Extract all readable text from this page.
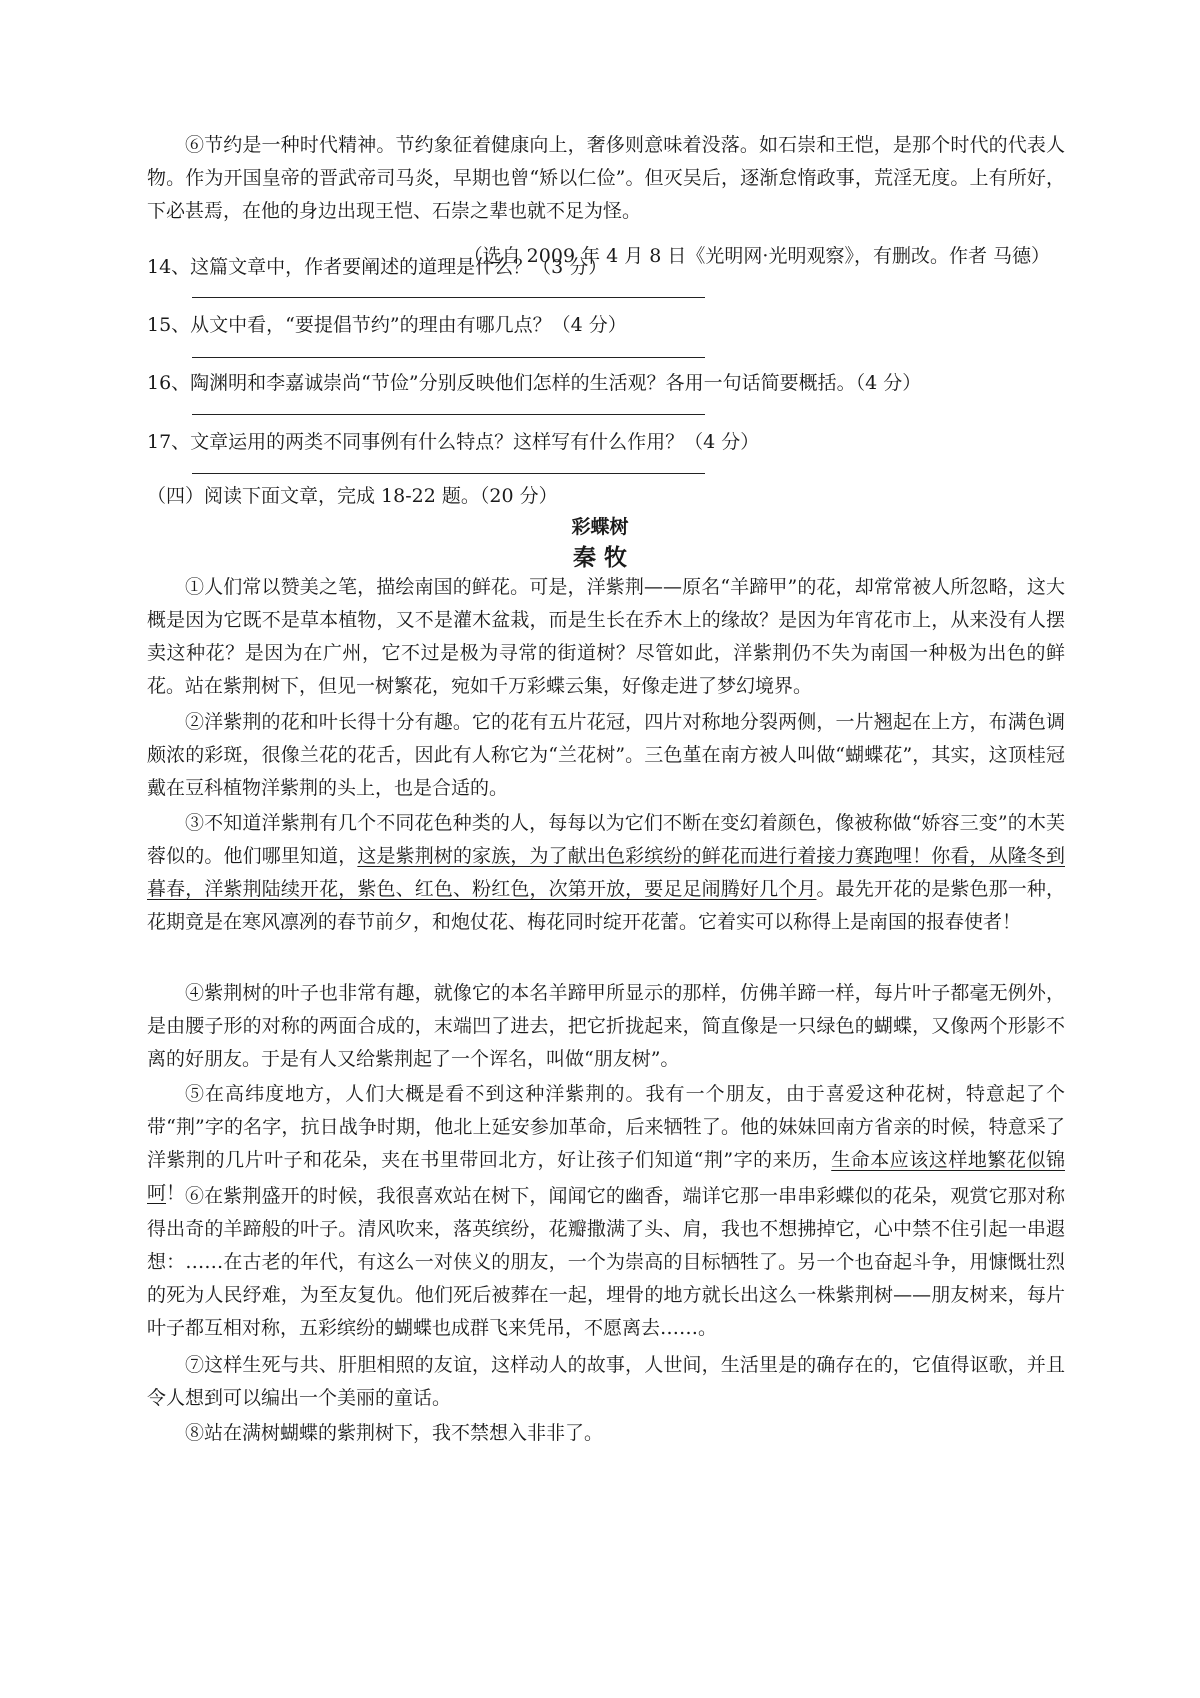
⑥节约是一种时代精神。节约象征着健康向上，奢侈则意味着没落。如石崇和王恺，是那个时代的代表人物。作为开国皇帝的晋武帝司马炎，早期也曾“矫以仁俭”。但灭吴后，逐渐怠惰政事，荒淫无度。上有所好，下必甚焉，在他的身边出现王恺、石崇之辈也就不足为怪。

（选自 2009 年 4 月 8 日《光明网·光明观察》，有删改。作者 马德）

14、这篇文章中，作者要阐述的道理是什么？（3 分）

15、从文中看，“要提倡节约”的理由有哪几点？（4 分）

16、陶渊明和李嘉诚崇尚“节俭”分别反映他们怎样的生活观？各用一句话简要概括。（4 分）

17、文章运用的两类不同事例有什么特点？这样写有什么作用？（4 分）

（四）阅读下面文章，完成 18-22 题。（20 分）

彩蝶树

秦 牧

①人们常以赞美之笔，描绘南国的鲜花。可是，洋紫荆——原名“羊蹄甲”的花，却常常被人所忽略，这大概是因为它既不是草本植物，又不是灌木盆栽，而是生长在乔木上的缘故？是因为年宵花市上，从来没有人摆卖这种花？是因为在广州，它不过是极为寻常的街道树？尽管如此，洋紫荆仍不失为南国一种极为出色的鲜花。站在紫荆树下，但见一树繁花，宛如千万彩蝶云集，好像走进了梦幻境界。

②洋紫荆的花和叶长得十分有趣。它的花有五片花冠，四片对称地分裂两侧，一片翘起在上方，布满色调颇浓的彩斑，很像兰花的花舌，因此有人称它为“兰花树”。三色堇在南方被人叫做“蝴蝶花”，其实，这顶桂冠戴在豆科植物洋紫荆的头上，也是合适的。

③不知道洋紫荆有几个不同花色种类的人，每每以为它们不断在变幻着颜色，像被称做“娇容三变”的木芙蓉似的。他们哪里知道，这是紫荆树的家族，为了献出色彩缤纷的鲜花而进行着接力赛跑哩！你看，从隆冬到暮春，洋紫荆陆续开花，紫色、红色、粉红色，次第开放，要足足闹腾好几个月。最先开花的是紫色那一种，花期竟是在寒风凛冽的春节前夕，和炮仗花、梅花同时绽开花蕾。它着实可以称得上是南国的报春使者！

④紫荆树的叶子也非常有趣，就像它的本名羊蹄甲所显示的那样，仿佛羊蹄一样，每片叶子都毫无例外，是由腰子形的对称的两面合成的，末端凹了进去，把它折拢起来，简直像是一只绿色的蝴蝶，又像两个形影不离的好朋友。于是有人又给紫荆起了一个诨名，叫做“朋友树”。

⑤在高纬度地方，人们大概是看不到这种洋紫荆的。我有一个朋友，由于喜爱这种花树，特意起了个带“荆”字的名字，抗日战争时期，他北上延安参加革命，后来牺牲了。他的妹妹回南方省亲的时候，特意采了洋紫荆的几片叶子和花朵，夹在书里带回北方，好让孩子们知道“荆”字的来历，生命本应该这样地繁花似锦呵！ ⑥在紫荆盛开的时候，我很喜欢站在树下，闻闻它的幽香，端详它那一串串彩蝶似的花朵，观赏它那对称得出奇的羊蹄般的叶子。清风吹来，落英缤纷，花瓣撒满了头、肩，我也不想拂掉它，心中禁不住引起一串遐想：……在古老的年代，有这么一对侠义的朋友，一个为崇高的目标牺牲了。另一个也奋起斗争，用慷慨壮烈的死为人民纾难，为至友复仇。他们死后被葬在一起，埋骨的地方就长出这么一株紫荆树——朋友树来，每片叶子都互相对称，五彩缤纷的蝴蝶也成群飞来凭吊，不愿离去……。

⑦这样生死与共、肝胆相照的友谊，这样动人的故事，人世间，生活里是的确存在的，它值得讴歌，并且令人想到可以编出一个美丽的童话。

⑧站在满树蝴蝶的紫荆树下，我不禁想入非非了。
